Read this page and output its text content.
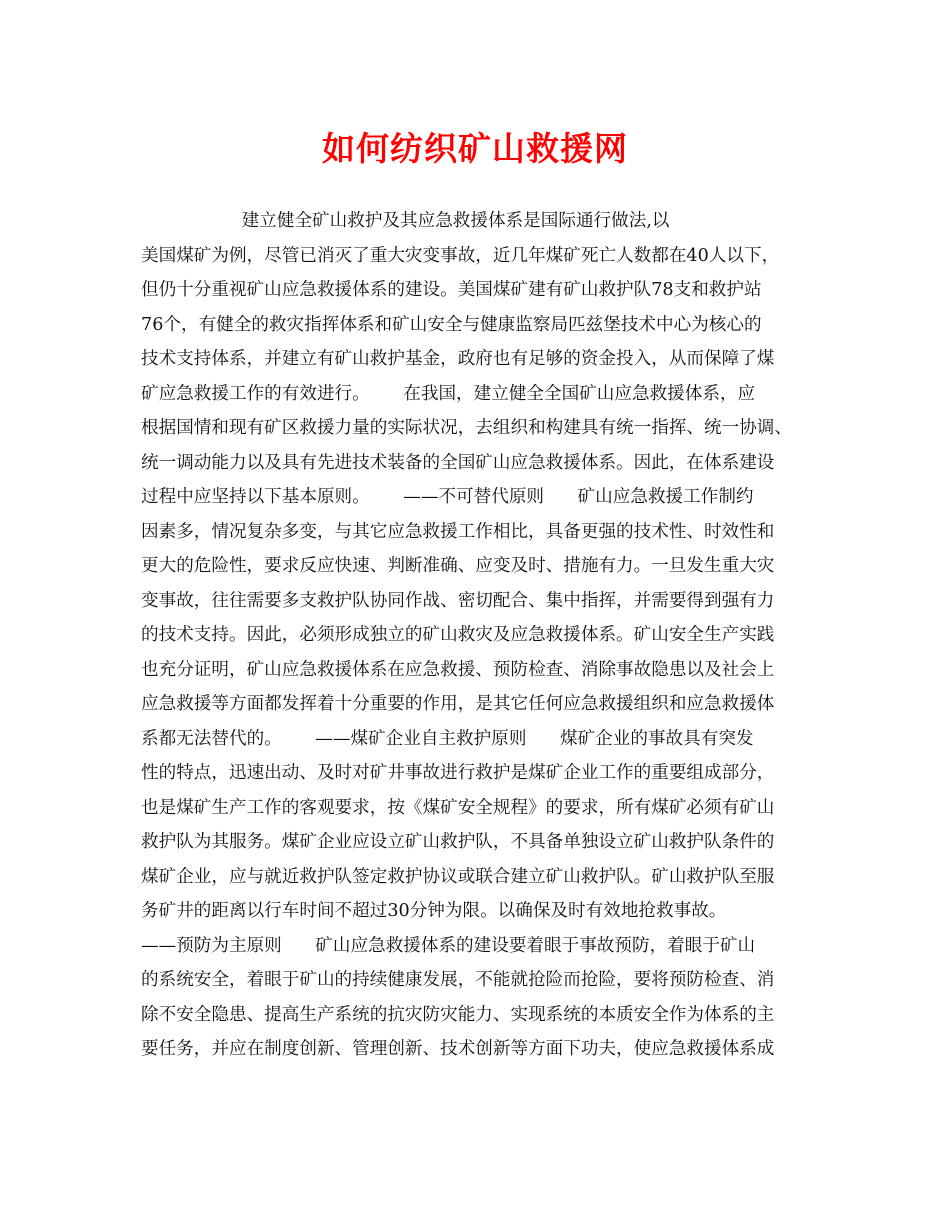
如何纺织矿山救援网
建立健全矿山救护及其应急救援体系是国际通行做法,以
美国煤矿为例，尽管已消灭了重大灾变事故，近几年煤矿死亡人数都在40人以下，
但仍十分重视矿山应急救援体系的建设。美国煤矿建有矿山救护队78支和救护站
76个，有健全的救灾指挥体系和矿山安全与健康监察局匹兹堡技术中心为核心的
技术支持体系，并建立有矿山救护基金，政府也有足够的资金投入，从而保障了煤
矿应急救援工作的有效进行。      在我国，建立健全全国矿山应急救援体系，应
根据国情和现有矿区救援力量的实际状况，去组织和构建具有统一指挥、统一协调、
统一调动能力以及具有先进技术装备的全国矿山应急救援体系。因此，在体系建设
过程中应坚持以下基本原则。      ——不可替代原则      矿山应急救援工作制约
因素多，情况复杂多变，与其它应急救援工作相比，具备更强的技术性、时效性和
更大的危险性，要求反应快速、判断准确、应变及时、措施有力。一旦发生重大灾
变事故，往往需要多支救护队协同作战、密切配合、集中指挥，并需要得到强有力
的技术支持。因此，必须形成独立的矿山救灾及应急救援体系。矿山安全生产实践
也充分证明，矿山应急救援体系在应急救援、预防检查、消除事故隐患以及社会上
应急救援等方面都发挥着十分重要的作用，是其它任何应急救援组织和应急救援体
系都无法替代的。      ——煤矿企业自主救护原则      煤矿企业的事故具有突发
性的特点，迅速出动、及时对矿井事故进行救护是煤矿企业工作的重要组成部分，
也是煤矿生产工作的客观要求，按《煤矿安全规程》的要求，所有煤矿必须有矿山
救护队为其服务。煤矿企业应设立矿山救护队，不具备单独设立矿山救护队条件的
煤矿企业，应与就近救护队签定救护协议或联合建立矿山救护队。矿山救护队至服
务矿井的距离以行车时间不超过30分钟为限。以确保及时有效地抢救事故。
——预防为主原则      矿山应急救援体系的建设要着眼于事故预防，着眼于矿山
的系统安全，着眼于矿山的持续健康发展，不能就抢险而抢险，要将预防检查、消
除不安全隐患、提高生产系统的抗灾防灾能力、实现系统的本质安全作为体系的主
要任务，并应在制度创新、管理创新、技术创新等方面下功夫，使应急救援体系成
